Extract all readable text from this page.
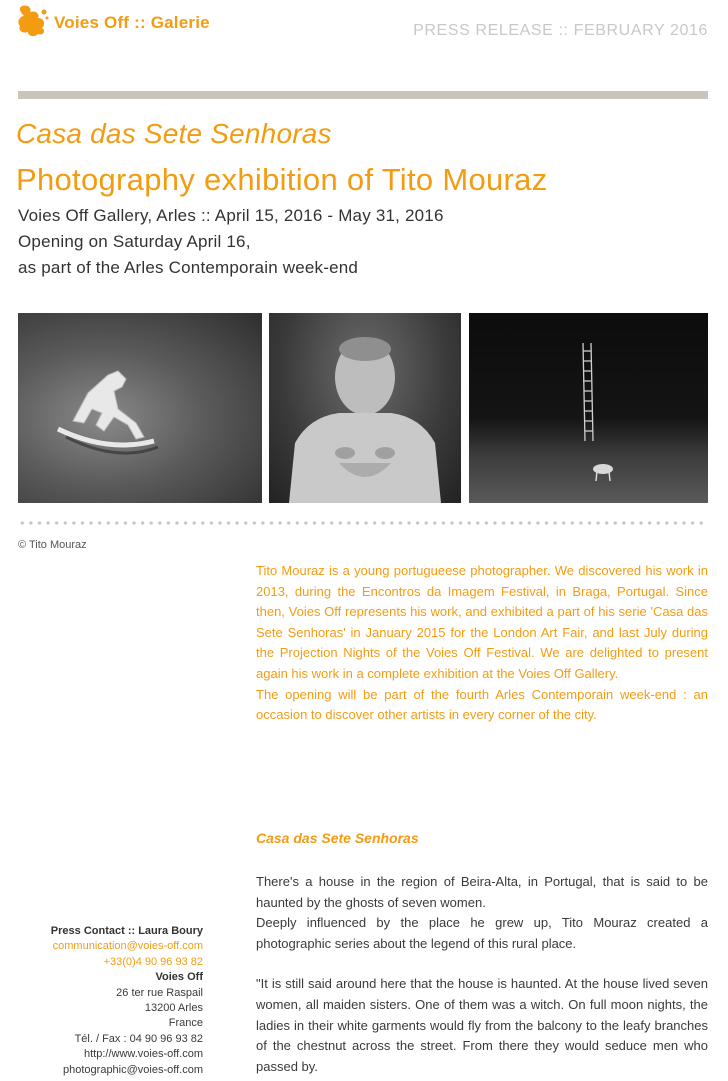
Voies Off :: Galerie	PRESS RELEASE :: FEBRUARY 2016
Casa das Sete Senhoras
Photography exhibition of Tito Mouraz
Voies Off Gallery, Arles :: April 15, 2016 - May 31, 2016
Opening on Saturday April 16,
as part of the Arles Contemporain week-end
© Tito Mouraz

Tito Mouraz is a young portugueese photographer. We discovered his work in 2013, during the Encontros da Imagem Festival, in Braga, Portugal. Since then, Voies Off represents his work, and exhibited a part of his serie 'Casa das Sete Senhoras' in January 2015 for the London Art Fair, and last July during the Projection Nights of the Voies Off Festival. We are delighted to present again his work in a complete exhibition at the Voies Off Gallery.

The opening will be part of the fourth Arles Contemporain week-end : an occasion to discover other artists in every corner of the city.

Casa das Sete Senhoras

There's a house in the region of Beira-Alta, in Portugal, that is said to be haunted by the ghosts of seven women.

Deeply influenced by the place he grew up, Tito Mouraz created a photographic series about the legend of this rural place.

"It is still said around here that the house is haunted. At the house lived seven women, all maiden sisters. One of them was a witch. On full moon nights, the ladies in their white garments would fly from the balcony to the leafy branches of the chestnut across the street. From there they would seduce men who passed by.

Press Contact :: Laura Boury
communication@voies-off.com
+33(0)4 90 96 93 82
Voies Off
26 ter rue Raspail
13200 Arles
France
Tél. / Fax : 04 90 96 93 82
http://www.voies-off.com
photographic@voies-off.com
